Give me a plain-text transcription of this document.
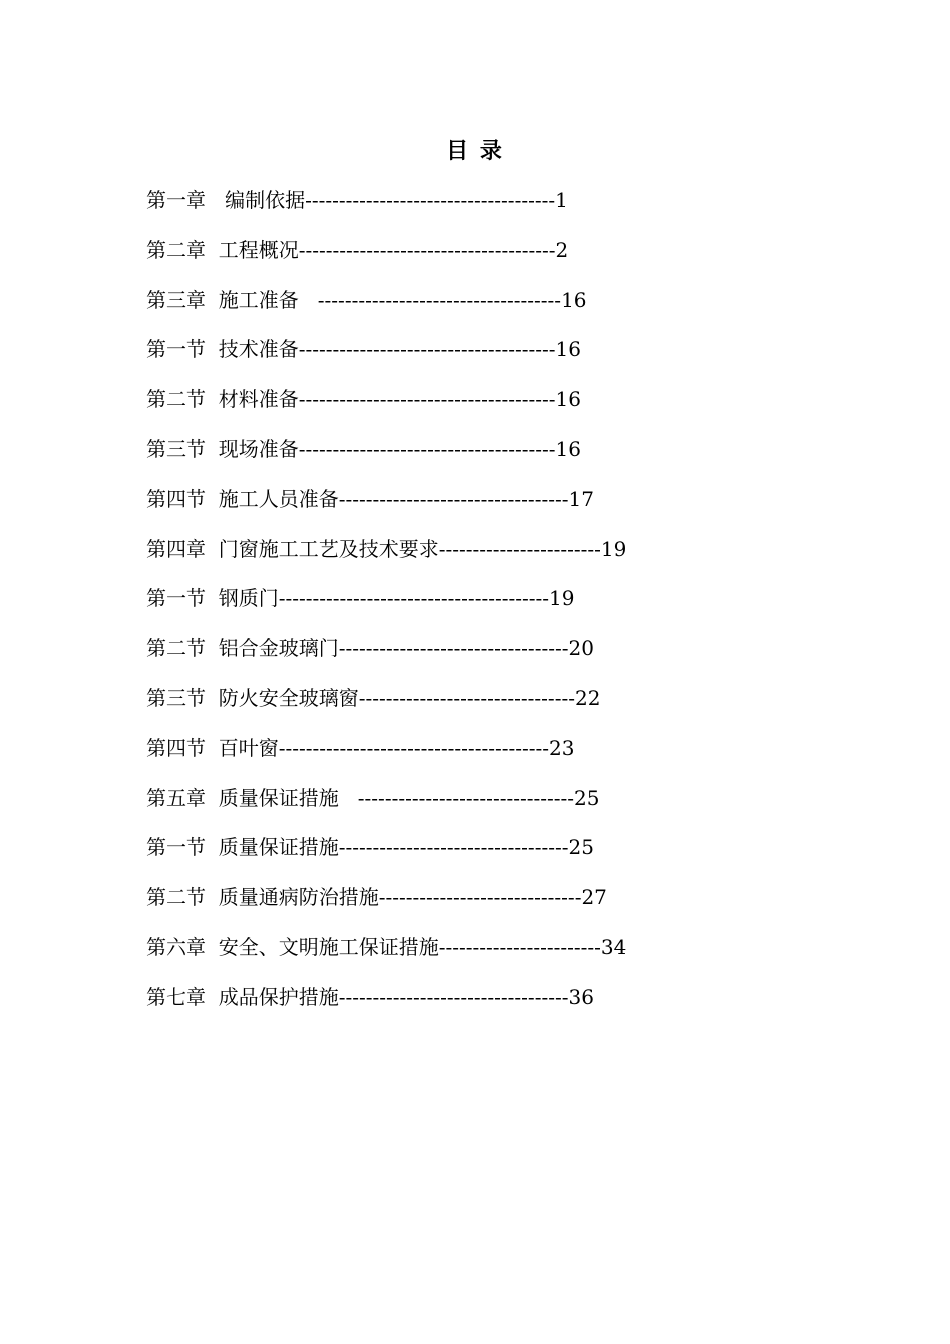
目 录
第一章   编制依据-------------------------------------1
第二章  工程概况--------------------------------------2
第三章  施工准备   ------------------------------------16
第一节  技术准备--------------------------------------16
第二节  材料准备--------------------------------------16
第三节  现场准备--------------------------------------16
第四节  施工人员准备----------------------------------17
第四章  门窗施工工艺及技术要求------------------------19
第一节  钢质门----------------------------------------19
第二节  铝合金玻璃门----------------------------------20
第三节  防火安全玻璃窗--------------------------------22
第四节  百叶窗----------------------------------------23
第五章  质量保证措施   --------------------------------25
第一节  质量保证措施----------------------------------25
第二节  质量通病防治措施------------------------------27
第六章  安全、文明施工保证措施------------------------34
第七章  成品保护措施----------------------------------36
